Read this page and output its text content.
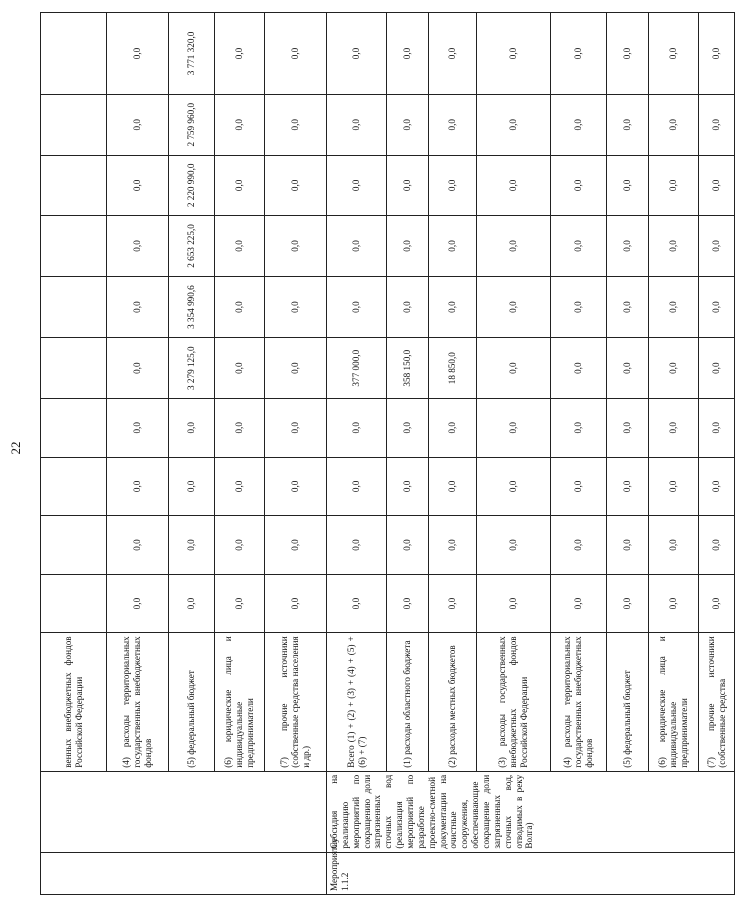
22
		венных внебюджетных фондов Российской Федерации										
		(4) расходы территориальных государственных внебюджетных фондов	0,0	0,0	0,0	0,0	0,0	0,0	0,0	0,0	0,0	0,0
		(5) федеральный бюджет	0,0	0,0	0,0	0,0	3 279 125,0	3 354 990,6	2 653 225,0	2 220 990,0	2 759 960,0	3 771 320,0
		(6) юридические лица и индивидуальные предприниматели	0,0	0,0	0,0	0,0	0,0	0,0	0,0	0,0	0,0	0,0
		(7) прочие источники (собственные средства населения и др.)	0,0	0,0	0,0	0,0	0,0	0,0	0,0	0,0	0,0	0,0
Мероприятие 1.1.2	Субсидия на реализацию мероприятий по сокращению доли загрязненных сточных вод (реализация мероприятий по разработке проектно-сметной документации на очистные сооружения, обеспечивающие сокращение доли загрязненных сточных вод, отводимых в реку Волга)	Всего (1) + (2) + (3) + (4) + (5) + (6) + (7)	0,0	0,0	0,0	0,0	377 000,0	0,0	0,0	0,0	0,0	0,0
		(1) расходы областного бюджета	0,0	0,0	0,0	0,0	358 150,0	0,0	0,0	0,0	0,0	0,0
		(2) расходы местных бюджетов	0,0	0,0	0,0	0,0	18 850,0	0,0	0,0	0,0	0,0	0,0
		(3) расходы государственных внебюджетных фондов Российской Федерации	0,0	0,0	0,0	0,0	0,0	0,0	0,0	0,0	0,0	0,0
		(4) расходы территориальных государственных внебюджетных фондов	0,0	0,0	0,0	0,0	0,0	0,0	0,0	0,0	0,0	0,0
		(5) федеральный бюджет	0,0	0,0	0,0	0,0	0,0	0,0	0,0	0,0	0,0	0,0
		(6) юридические лица и индивидуальные предприниматели	0,0	0,0	0,0	0,0	0,0	0,0	0,0	0,0	0,0	0,0
		(7) прочие источники (собственные средства	0,0	0,0	0,0	0,0	0,0	0,0	0,0	0,0	0,0	0,0
